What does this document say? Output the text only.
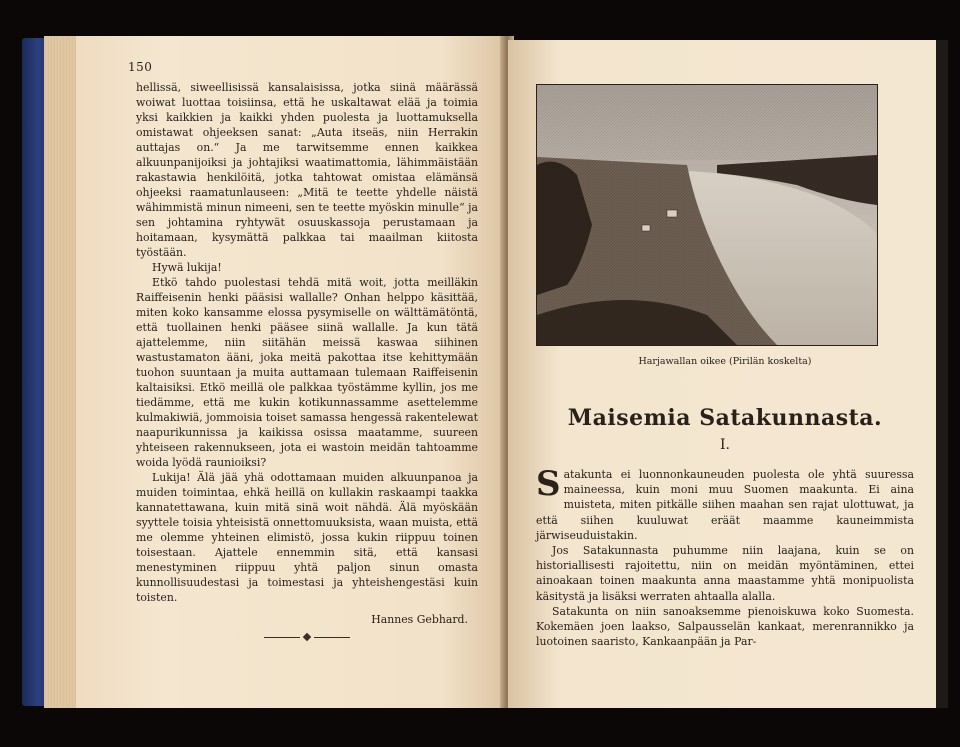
150

hellissä, siweellisissä kansalaisissa, jotka siinä määrässä woiwat luottaa toisiinsa, että he uskaltawat elää ja toimia yksi kaikkien ja kaikki yhden puolesta ja luottamuksella omistawat ohjeeksen sanat: „Auta itseäs, niin Herrakin auttajas on.“ Ja me tarwitsemme ennen kaikkea alkuunpanijoiksi ja johtajiksi waatimattomia, lähimmäistään rakastawia henkilöitä, jotka tahtowat omistaa elämänsä ohjeeksi raamatunlauseen: „Mitä te teette yhdelle näistä wähimmistä minun nimeeni, sen te teette myöskin minulle“ ja sen johtamina ryhtywät osuuskassoja perustamaan ja hoitamaan, kysymättä palkkaa tai maailman kiitosta työstään.

Hywä lukija!

Etkö tahdo puolestasi tehdä mitä woit, jotta meilläkin Raiffeisenin henki pääsisi wallalle? Onhan helppo käsittää, miten koko kansamme elossa pysymiselle on wälttämätöntä, että tuollainen henki pääsee siinä wallalle. Ja kun tätä ajattelemme, niin siitähän meissä kaswaa siihinen wastustamaton ääni, joka meitä pakottaa itse kehittymään tuohon suuntaan ja muita auttamaan tulemaan Raiffeisenin kaltaisiksi. Etkö meillä ole palkkaa työstämme kyllin, jos me tiedämme, että me kukin kotikunnassamme asettelemme kulmakiwiä, jommoisia toiset samassa hengessä rakentelewat naapurikunnissa ja kaikissa osissa maatamme, suureen yhteiseen rakennukseen, jota ei wastoin meidän tahtoamme woida lyödä raunioiksi?

Lukija! Älä jää yhä odottamaan muiden alkuunpanoa ja muiden toimintaa, ehkä heillä on kullakin raskaampi taakka kannatettawana, kuin mitä sinä woit nähdä. Älä myöskään syyttele toisia yhteisistä onnettomuuksista, waan muista, että me olemme yhteinen elimistö, jossa kukin riippuu toinen toisestaan. Ajattele ennemmin sitä, että kansasi menestyminen riippuu yhtä paljon sinun omasta kunnollisuudestasi ja toimestasi ja yhteishengestäsi kuin toisten.

Hannes Gebhard.
Harjawallan oikee (Pirilän koskelta)
Maisemia Satakunnasta.
I.

Satakunta ei luonnonkauneuden puolesta ole yhtä suuressa maineessa, kuin moni muu Suomen maakunta. Ei aina muisteta, miten pitkälle siihen maahan sen rajat ulottuwat, ja että siihen kuuluwat eräät maamme kauneimmista järwiseuduistakin.

Jos Satakunnasta puhumme niin laajana, kuin se on historiallisesti rajoitettu, niin on meidän myöntäminen, ettei ainoakaan toinen maakunta anna maastamme yhtä monipuolista käsitystä ja lisäksi werraten ahtaalla alalla.

Satakunta on niin sanoaksemme pienoiskuwa koko Suomesta. Kokemäen joen laakso, Salpausselän kankaat, merenrannikko ja luotoinen saaristo, Kankaanpään ja Par-
